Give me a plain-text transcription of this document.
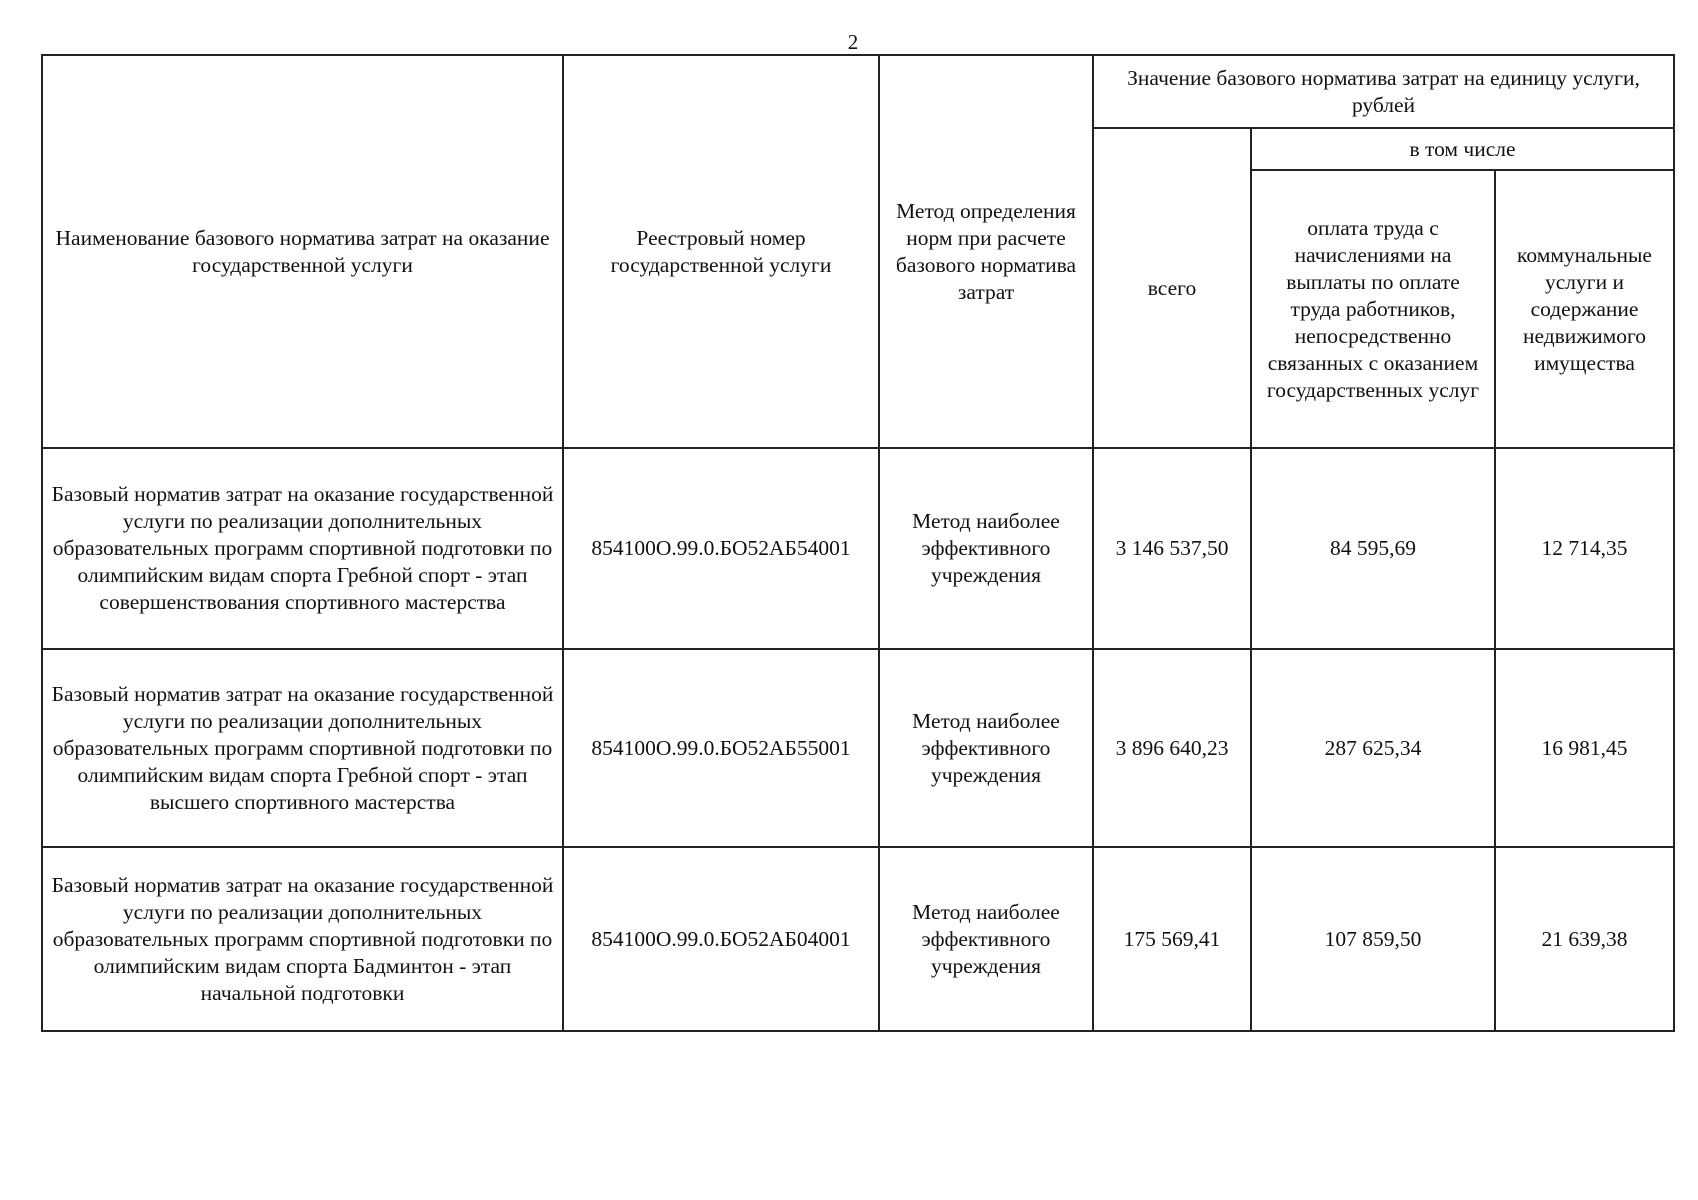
2
Наименование базового норматива затрат на оказание государственной услуги	Реестровый номер государственной услуги	Метод определения норм при расчете базового норматива затрат	Значение базового норматива затрат на единицу услуги, рублей		
			всего	в том числе	
				оплата труда с начислениями на выплаты по оплате труда работников, непосредственно связанных с оказанием государственных услуг	коммунальные услуги и содержание недвижимого имущества
Базовый норматив затрат на оказание государственной услуги по реализации дополнительных образовательных программ спортивной подготовки по олимпийским видам спорта Гребной спорт - этап совершенствования спортивного мастерства	854100О.99.0.БО52АБ54001	Метод наиболее эффективного учреждения	3 146 537,50	84 595,69	12 714,35
Базовый норматив затрат на оказание государственной услуги по реализации дополнительных образовательных программ спортивной подготовки по олимпийским видам спорта Гребной спорт - этап высшего спортивного мастерства	854100О.99.0.БО52АБ55001	Метод наиболее эффективного учреждения	3 896 640,23	287 625,34	16 981,45
Базовый норматив затрат на оказание государственной услуги по реализации дополнительных образовательных программ спортивной подготовки по олимпийским видам спорта Бадминтон - этап начальной подготовки	854100О.99.0.БО52АБ04001	Метод наиболее эффективного учреждения	175 569,41	107 859,50	21 639,38
